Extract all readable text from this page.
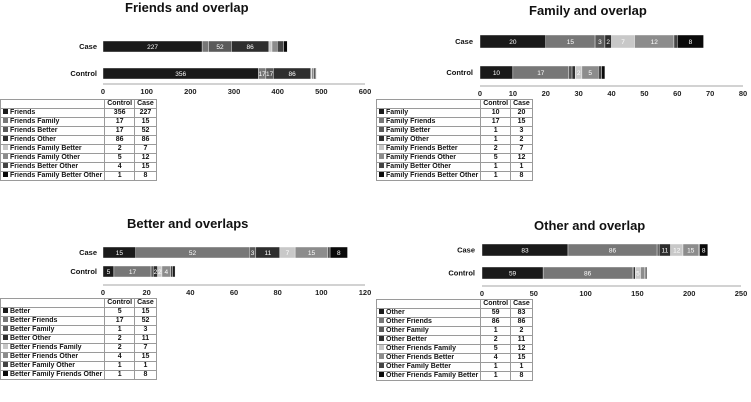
Friends and overlap
0	100	200	300	400	500	600
Case	227	52	86
Control	356	17 17 86
	Control	Case
Friends	356	227
Friends Family	17	15
Friends Better	17	52
Friends Other	86	86
Friends Family Better	2	7
Friends Family Other	5	12
Friends Better Other	4	15
Friends Family Better Other	1	8
Family and overlap
0	10	20	30	40	50	60	70	80
Case	20	15	3 2 7	12	8
Control	10	17	2 5
	Control	Case
Family	10	20
Family Friends	17	15
Family Better	1	3
Family Other	1	2
Family Friends Better	2	7
Family Friends Other	5	12
Family Better Other	1	1
Family Friends Better Other	1	8
Better and overlaps
0	20	40	60	80	100	120
Case	15	52	3 11 7	15	8
Control 5	17	2 2 4
	Control	Case
Better	5	15
Better Friends	17	52
Better Family	1	3
Better Other	2	11
Better Friends Family	2	7
Better Friends Other	4	15
Better Family Other	1	1
Better Family Friends Other	1	8
Other and overlap
0	50	100	150	200	250
Case	83	86	11 12 15 8
Control	59	86	5
	Control	Case
Other	59	83
Other Friends	86	86
Other Family	1	2
Other Better	2	11
Other Friends Family	5	12
Other Friends Better	4	15
Other Family Better	1	1
Other Friends Family Better	1	8
